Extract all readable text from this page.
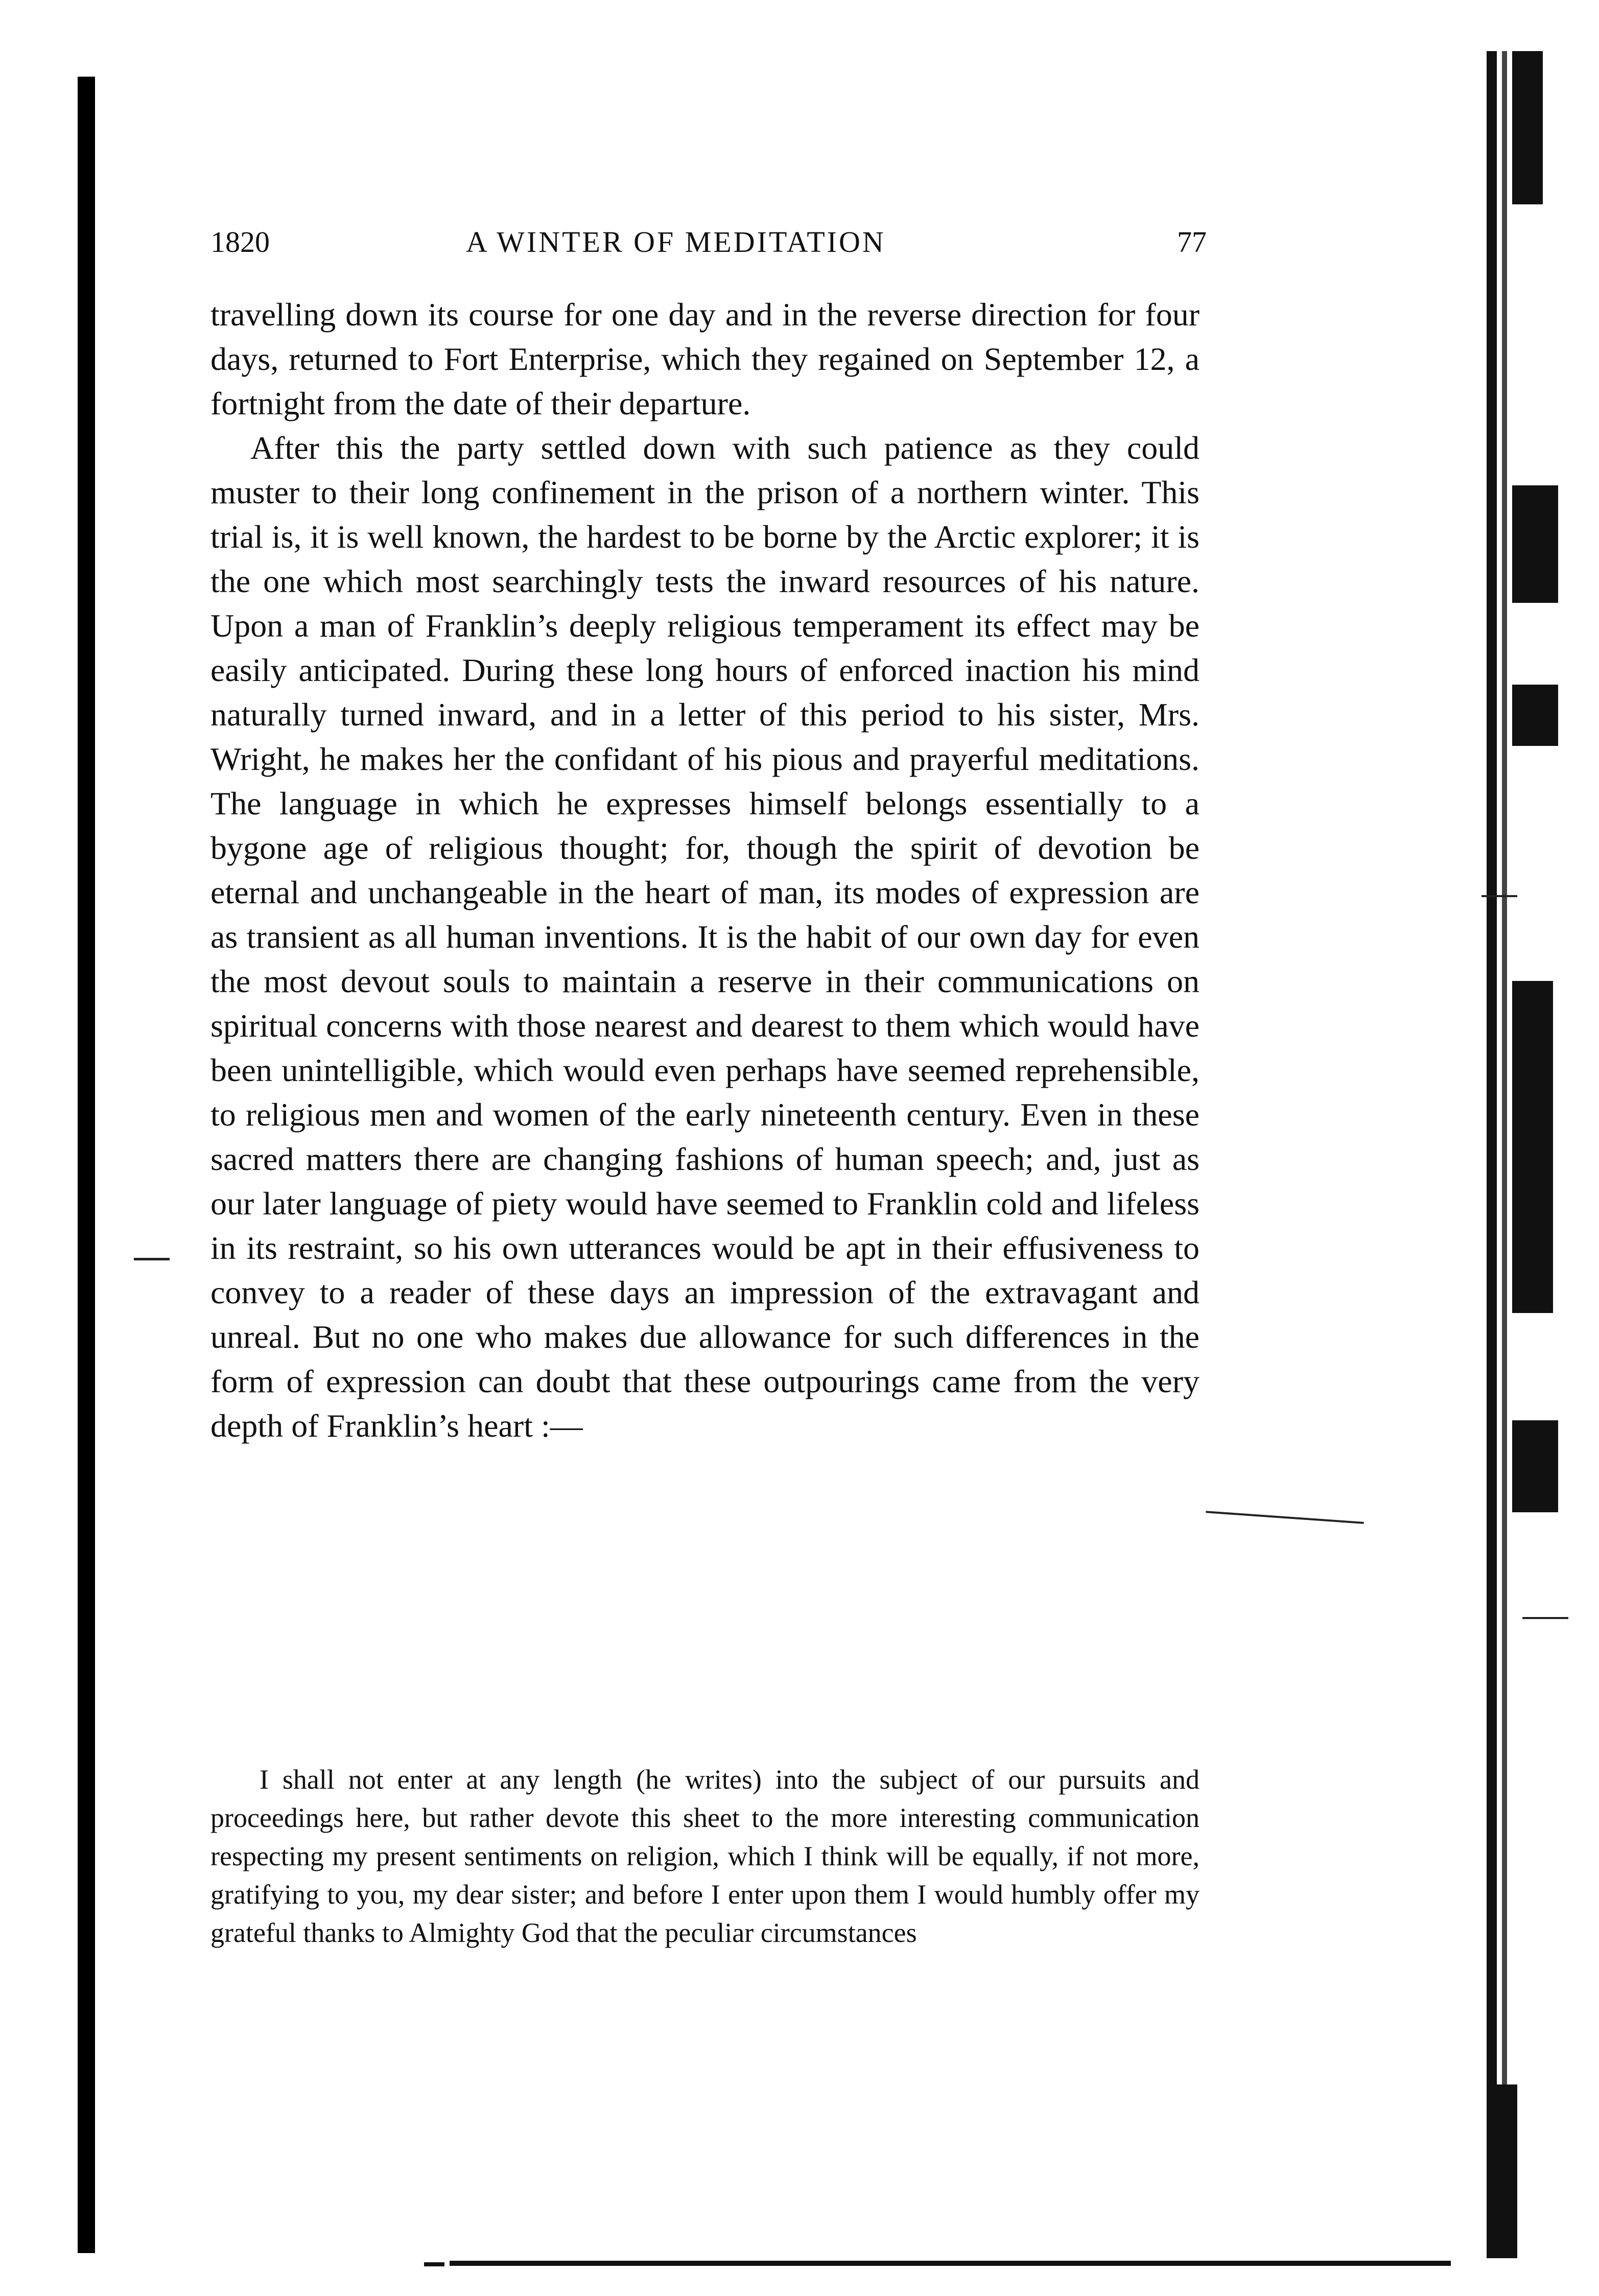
1820	A WINTER OF MEDITATION	77

travelling down its course for one day and in the reverse direction for four days, returned to Fort Enterprise, which they regained on September 12, a fortnight from the date of their departure.

After this the party settled down with such patience as they could muster to their long confinement in the prison of a northern winter. This trial is, it is well known, the hardest to be borne by the Arctic explorer; it is the one which most searchingly tests the inward resources of his nature. Upon a man of Franklin’s deeply religious temperament its effect may be easily anticipated. During these long hours of enforced inaction his mind naturally turned inward, and in a letter of this period to his sister, Mrs. Wright, he makes her the confidant of his pious and prayerful meditations. The language in which he expresses himself belongs essentially to a bygone age of religious thought; for, though the spirit of devotion be eternal and unchangeable in the heart of man, its modes of expression are as transient as all human inventions. It is the habit of our own day for even the most devout souls to maintain a reserve in their communications on spiritual concerns with those nearest and dearest to them which would have been unintelligible, which would even perhaps have seemed reprehensible, to religious men and women of the early nineteenth century. Even in these sacred matters there are changing fashions of human speech; and, just as our later language of piety would have seemed to Franklin cold and lifeless in its restraint, so his own utterances would be apt in their effusiveness to convey to a reader of these days an impression of the extravagant and unreal. But no one who makes due allowance for such differences in the form of expression can doubt that these outpourings came from the very depth of Franklin’s heart :—

I shall not enter at any length (he writes) into the subject of our pursuits and proceedings here, but rather devote this sheet to the more interesting communication respecting my present sentiments on religion, which I think will be equally, if not more, gratifying to you, my dear sister; and before I enter upon them I would humbly offer my grateful thanks to Almighty God that the peculiar circumstances
